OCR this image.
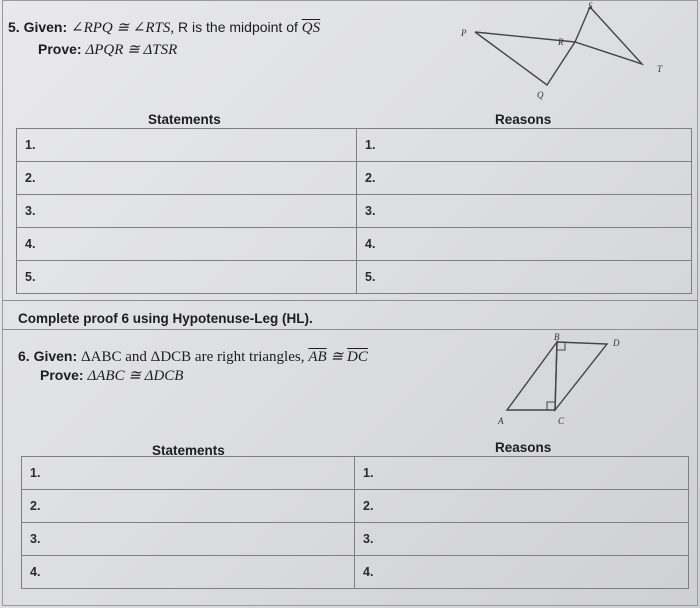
5. Given: ∠RPQ ≅ ∠RTS, R is the midpoint of $\overline{QS}$
Prove: ΔPQR ≅ ΔTSR
P
R
Q
S
T
Statements	Reasons
1.	1.
2.	2.
3.	3.
4.	4.
5.	5.
Complete proof 6 using Hypotenuse-Leg (HL).
6. Given: ΔABC and ΔDCB are right triangles, $\overline{AB}$ ≅ $\overline{DC}$
Prove: ΔABC ≅ ΔDCB
A
B
C
D
Statements	Reasons
1.	1.
2.	2.
3.	3.
4.	4.
